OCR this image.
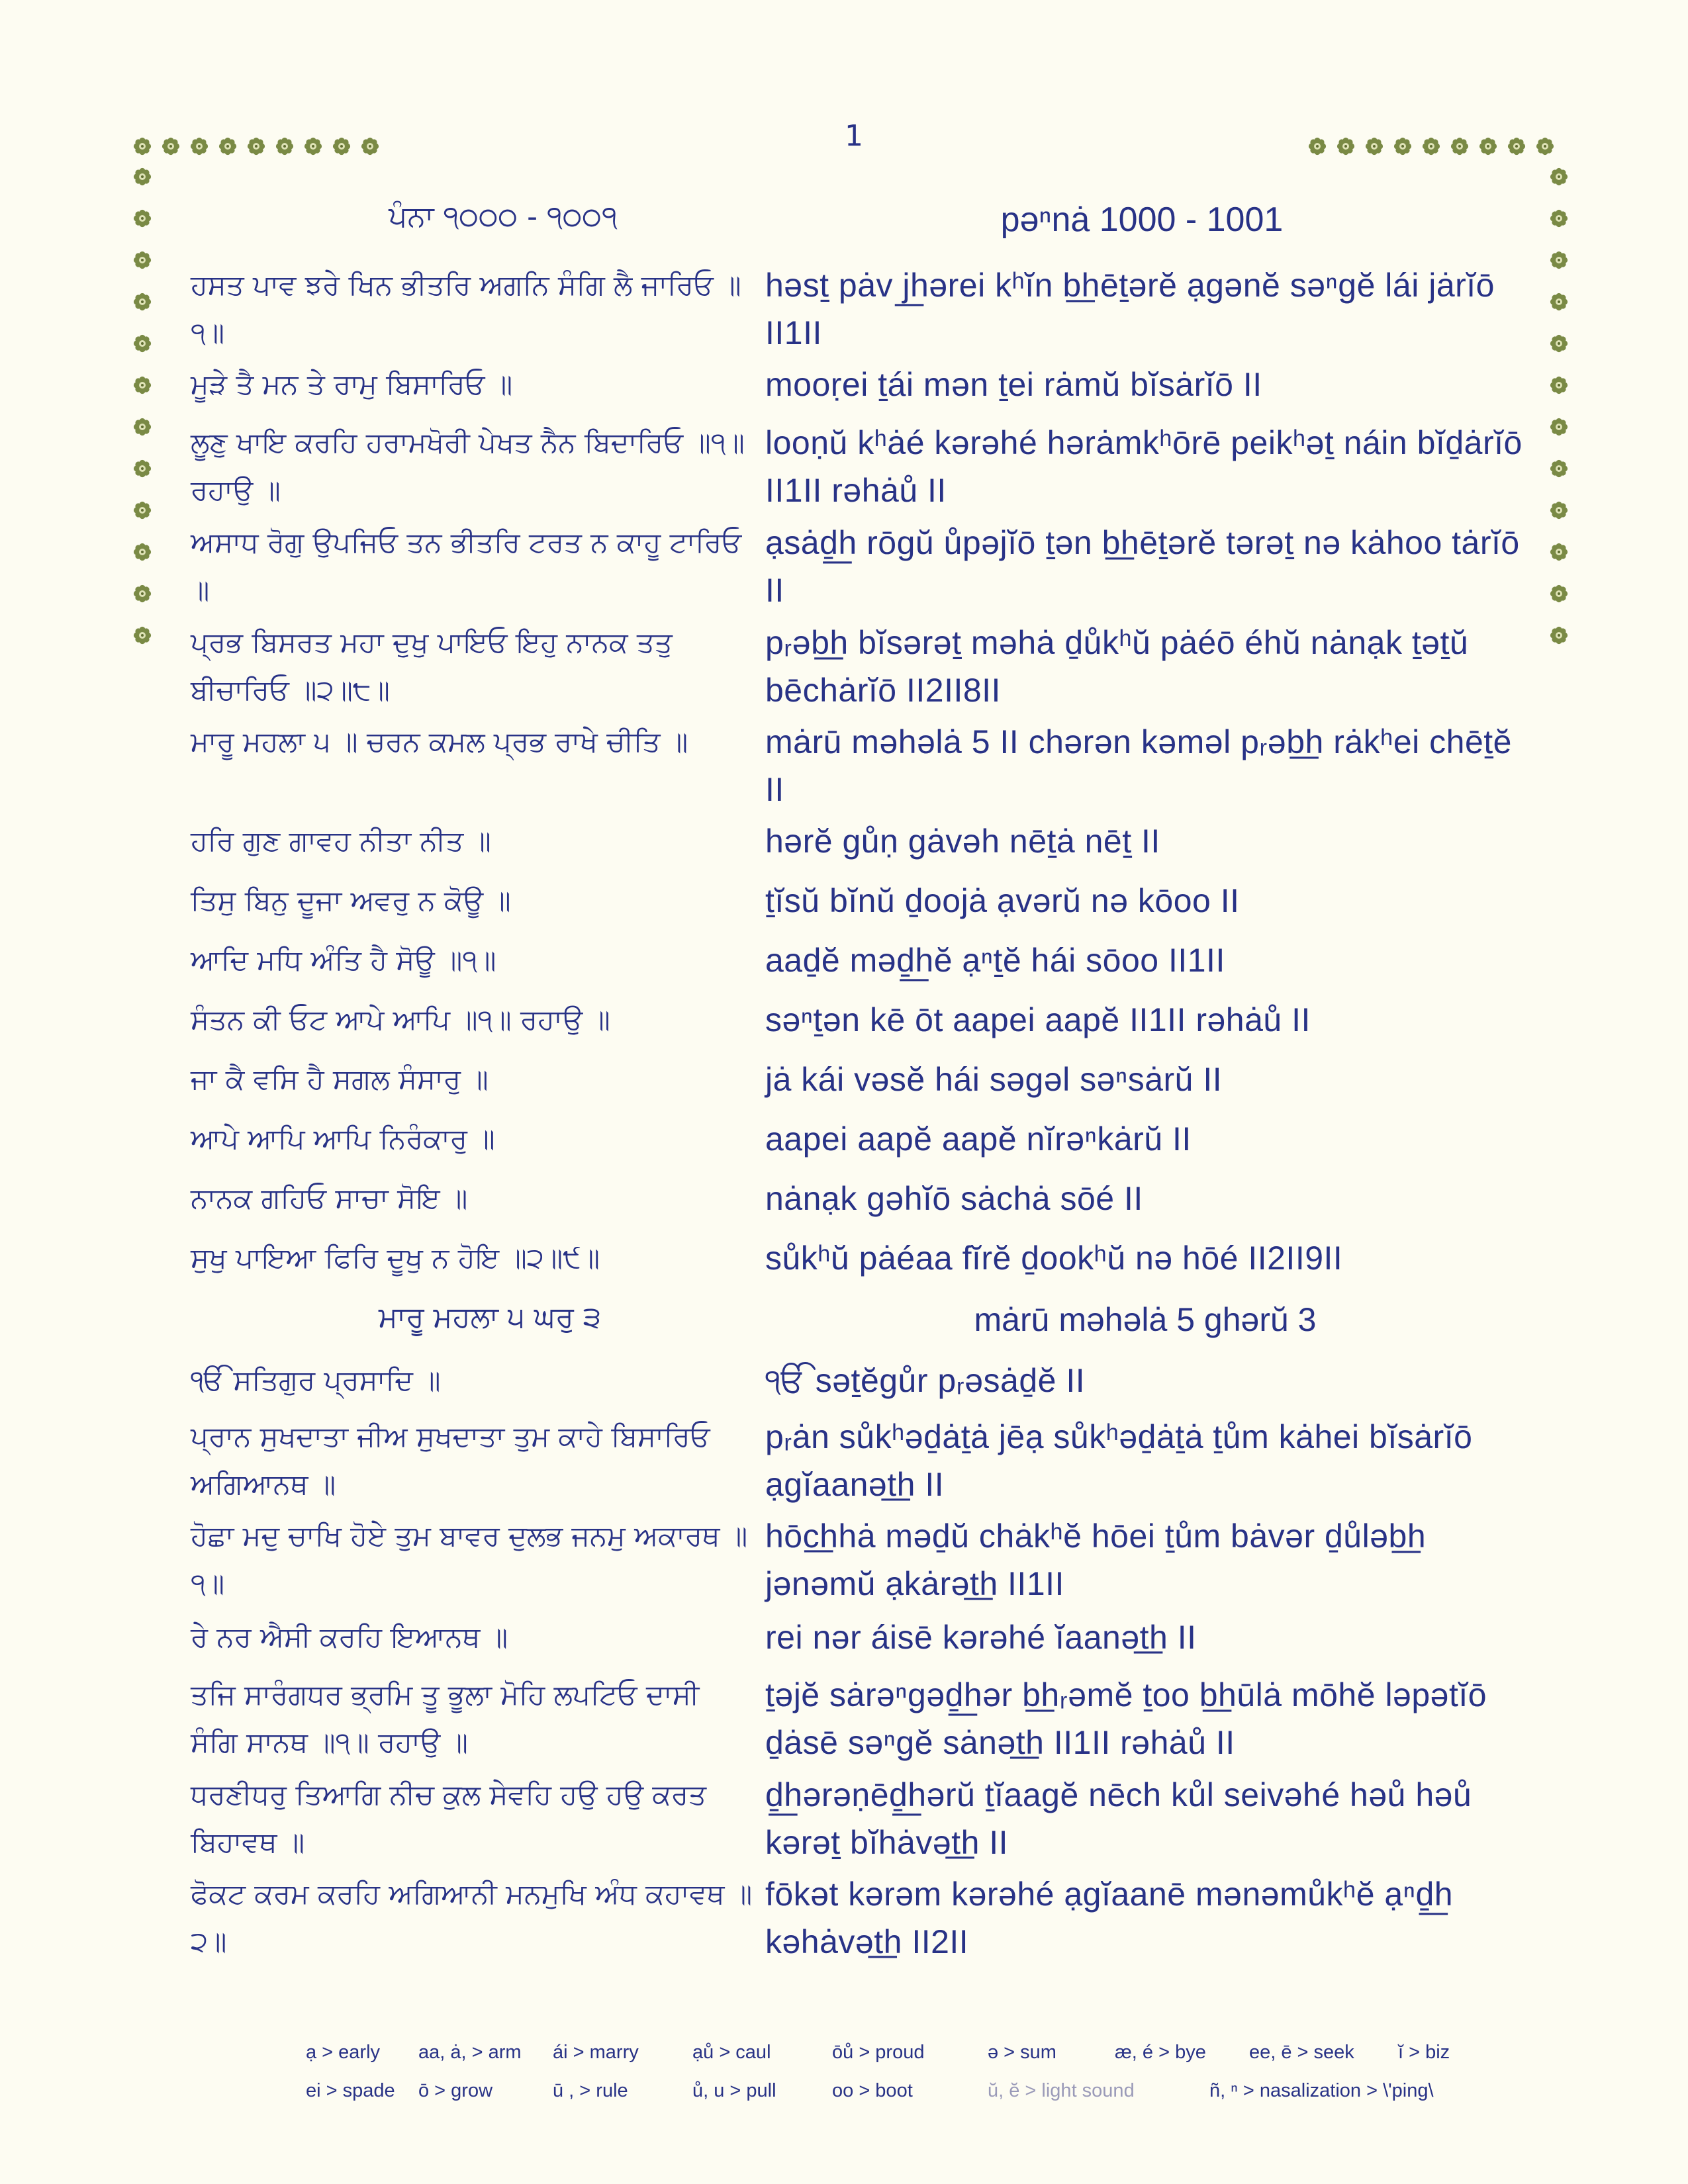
1
ਪੰਨਾ ੧੦੦੦ - ੧੦੦੧	pəⁿnȧ 1000 - 1001
ਹਸਤ ਪਾਵ ਝਰੇ ਖਿਨ ਭੀਤਰਿ ਅਗਨਿ ਸੰਗਿ ਲੈ ਜਾਰਿਓ ॥੧॥
həsṯ pȧv j͟hərei kʰĭn b͟hēṯərĕ ạgənĕ səⁿgĕ lái jȧrĭō II1II
ਮੂੜੇ ਤੈ ਮਨ ਤੇ ਰਾਮੁ ਬਿਸਾਰਿਓ ॥	mooṛei ṯái mən ṯei rȧmŭ bĭsȧrĭō II
ਲੂਣੁ ਖਾਇ ਕਰਹਿ ਹਰਾਮਖੋਰੀ ਪੇਖਤ ਨੈਨ ਬਿਦਾਰਿਓ ॥੧॥ ਰਹਾਉ ॥
looṇŭ kʰȧé kərəhé hərȧmkʰōrē peikʰəṯ náin bĭḏȧrĭō II1II rəhȧů II
ਅਸਾਧ ਰੋਗੁ ਉਪਜਿਓ ਤਨ ਭੀਤਰਿ ਟਰਤ ਨ ਕਾਹੂ ਟਾਰਿਓ ॥
ạsȧḏ͟h rōgŭ ůpəjĭō ṯən b͟hēṯərĕ tərəṯ nə kȧhoo tȧrĭō II
ਪ੍ਰਭ ਬਿਸਰਤ ਮਹਾ ਦੁਖੁ ਪਾਇਓ ਇਹੁ ਨਾਨਕ ਤਤੁ ਬੀਚਾਰਿਓ ॥੨॥੮॥
pᵣəb͟h bĭsərəṯ məhȧ ḏůkʰŭ pȧéō éhŭ nȧnạk ṯəṯŭ bēchȧrĭō II2II8II
ਮਾਰੂ ਮਹਲਾ ੫ ॥ ਚਰਨ ਕਮਲ ਪ੍ਰਭ ਰਾਖੇ ਚੀਤਿ ॥	mȧrū məhəlȧ 5 II chərən kəməl pᵣəb͟h rȧkʰei chēṯĕ II
ਹਰਿ ਗੁਣ ਗਾਵਹ ਨੀਤਾ ਨੀਤ ॥	hərĕ gůṇ gȧvəh nēṯȧ nēṯ II
ਤਿਸੁ ਬਿਨੁ ਦੂਜਾ ਅਵਰੁ ਨ ਕੋਊ ॥	ṯĭsŭ bĭnŭ ḏoojȧ ạvərŭ nə kōoo II
ਆਦਿ ਮਧਿ ਅੰਤਿ ਹੈ ਸੋਊ ॥੧॥	aaḏĕ məḏ͟hĕ ạⁿṯĕ hái sōoo II1II
ਸੰਤਨ ਕੀ ਓਟ ਆਪੇ ਆਪਿ ॥੧॥ ਰਹਾਉ ॥	səⁿṯən kē ōt aapei aapĕ II1II rəhȧů II
ਜਾ ਕੈ ਵਸਿ ਹੈ ਸਗਲ ਸੰਸਾਰੁ ॥	jȧ kái vəsĕ hái səgəl səⁿsȧrŭ II
ਆਪੇ ਆਪਿ ਆਪਿ ਨਿਰੰਕਾਰੁ ॥	aapei aapĕ aapĕ nĭrəⁿkȧrŭ II
ਨਾਨਕ ਗਹਿਓ ਸਾਚਾ ਸੋਇ ॥	nȧnạk gəhĭō sȧchȧ sōé II
ਸੁਖੁ ਪਾਇਆ ਫਿਰਿ ਦੂਖੁ ਨ ਹੋਇ ॥੨॥੯॥	sůkʰŭ pȧéaa fĭrĕ ḏookʰŭ nə hōé II2II9II
ਮਾਰੂ ਮਹਲਾ ੫ ਘਰੁ ੩	mȧrū məhəlȧ 5 ghərŭ 3
ੴ ਸਤਿਗੁਰ ਪ੍ਰਸਾਦਿ ॥	ੴ səṯĕgůr pᵣəsȧḏĕ II
ਪ੍ਰਾਨ ਸੁਖਦਾਤਾ ਜੀਅ ਸੁਖਦਾਤਾ ਤੁਮ ਕਾਹੇ ਬਿਸਾਰਿਓ ਅਗਿਆਨਥ ॥
pᵣȧn sůkʰəḏȧṯȧ jēạ sůkʰəḏȧṯȧ ṯům kȧhei bĭsȧrĭō ạgĭaanət͟h II
ਹੋਛਾ ਮਦੁ ਚਾਖਿ ਹੋਏ ਤੁਮ ਬਾਵਰ ਦੁਲਭ ਜਨਮੁ ਅਕਾਰਥ ॥੧॥
hōc͟hhȧ məḏŭ chȧkʰĕ hōei ṯům bȧvər ḏůləb͟h jənəmŭ ạkȧrət͟h II1II
ਰੇ ਨਰ ਐਸੀ ਕਰਹਿ ਇਆਨਥ ॥	rei nər áisē kərəhé ĭaanət͟h II
ਤਜਿ ਸਾਰੰਗਧਰ ਭ੍ਰਮਿ ਤੂ ਭੂਲਾ ਮੋਹਿ ਲਪਟਿਓ ਦਾਸੀ ਸੰਗਿ ਸਾਨਥ ॥੧॥ ਰਹਾਉ ॥
ṯəjĕ sȧrəⁿgəḏ͟hər b͟hᵣəmĕ ṯoo b͟hūlȧ mōhĕ ləpətĭō ḏȧsē səⁿgĕ sȧnət͟h II1II rəhȧů II
ਧਰਣੀਧਰੁ ਤਿਆਗਿ ਨੀਚ ਕੁਲ ਸੇਵਹਿ ਹਉ ਹਉ ਕਰਤ ਬਿਹਾਵਥ ॥
ḏ͟hərəṇēḏ͟hərŭ ṯĭaagĕ nēch kůl seivəhé həů həů kərəṯ bĭhȧvət͟h II
ਫੋਕਟ ਕਰਮ ਕਰਹਿ ਅਗਿਆਨੀ ਮਨਮੁਖਿ ਅੰਧ ਕਹਾਵਥ ॥੨॥
fōkət kərəm kərəhé ạgĭaanē mənəmůkʰĕ ạⁿḏ͟h kəhȧvət͟h II2II
ạ > early aa, ȧ, > arm ái > marry	ạů > caul	ōů > proud	ə > sum	æ, é > bye ee, ē > seek ĭ > biz
ei > spade ō > grow	ū , > rule	ů, u > pull	oo > boot	ŭ, ĕ > light sound	ñ, ⁿ > nasalization > \'ping\
